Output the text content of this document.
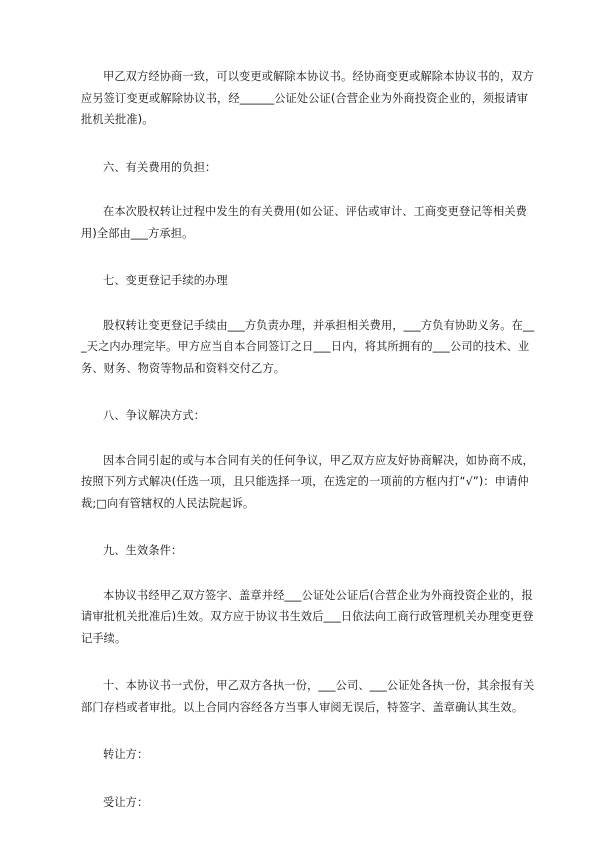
甲乙双方经协商一致，可以变更或解除本协议书。经协商变更或解除本协议书的，双方应另签订变更或解除协议书，经______公证处公证(合营企业为外商投资企业的，须报请审批机关批准)。

六、有关费用的负担：

在本次股权转让过程中发生的有关费用(如公证、评估或审计、工商变更登记等相关费用)全部由___方承担。

七、变更登记手续的办理

股权转让变更登记手续由___方负责办理，并承担相关费用，___方负有协助义务。在___天之内办理完毕。甲方应当自本合同签订之日___日内，将其所拥有的___公司的技术、业务、财务、物资等物品和资料交付乙方。

八、争议解决方式：

因本合同引起的或与本合同有关的任何争议，甲乙双方应友好协商解决，如协商不成，按照下列方式解决(任选一项，且只能选择一项，在选定的一项前的方框内打“√”)：申请仲裁;□向有管辖权的人民法院起诉。

九、生效条件：

本协议书经甲乙双方签字、盖章并经___公证处公证后(合营企业为外商投资企业的，报请审批机关批准后)生效。双方应于协议书生效后___日依法向工商行政管理机关办理变更登记手续。

十、本协议书一式份，甲乙双方各执一份，___公司、___公证处各执一份，其余报有关部门存档或者审批。以上合同内容经各方当事人审阅无误后，特签字、盖章确认其生效。

转让方：

受让方：
